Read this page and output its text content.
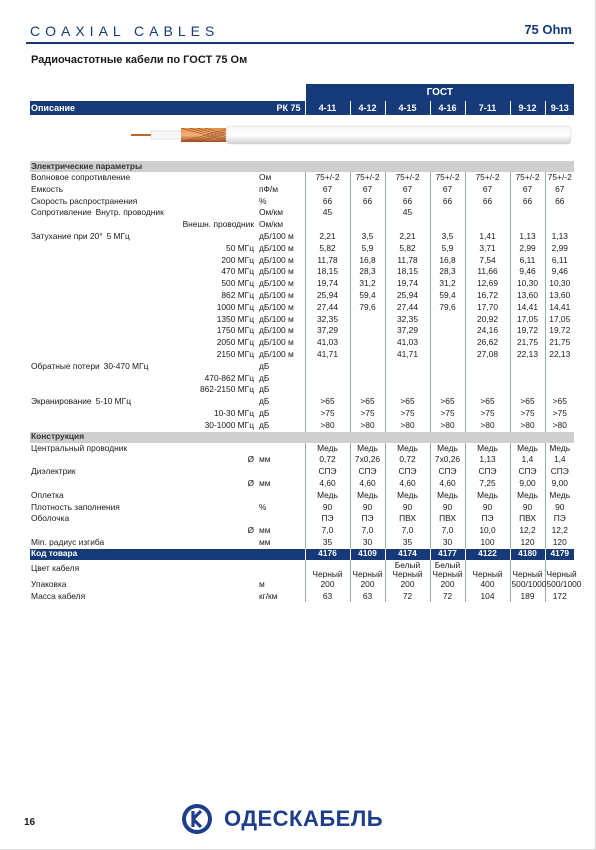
COAXIAL CABLES	75 Ohm
Радиочастотные кабели по ГОСТ 75 Ом
			ГОСТ						
Описание	РК 75		4-11	4-12	4-15	4-16	7-11	9-12	9-13

Электрические параметры									
Волновое сопротивление		Ом	75+/-2	75+/-2	75+/-2	75+/-2	75+/-2	75+/-2	75+/-2
Емкость		пФ/м	67	67	67	67	67	67	67
Скорость распространения		%	66	66	66	66	66	66	66
Сопротивление Внутр. проводник		Ом/км	45		45				
	Внешн. проводник	Ом/км							
Затухание при 20° 5 МГц		дБ/100 м	2,21	3,5	2,21	3,5	1,41	1,13	1,13
	50 МГц	дБ/100 м	5,82	5,9	5,82	5,9	3,71	2,99	2,99
	200 МГц	дБ/100 м	11,78	16,8	11,78	16,8	7,54	6,11	6,11
	470 МГц	дБ/100 м	18,15	28,3	18,15	28,3	11,66	9,46	9,46
	500 МГц	дБ/100 м	19,74	31,2	19,74	31,2	12,69	10,30	10,30
	862 МГц	дБ/100 м	25,94	59,4	25,94	59,4	16,72	13,60	13,60
	1000 МГц	дБ/100 м	27,44	79,6	27,44	79,6	17,70	14,41	14,41
	1350 МГц	дБ/100 м	32,35		32,35		20,92	17,05	17,05
	1750 МГц	дБ/100 м	37,29		37,29		24,16	19,72	19,72
	2050 МГц	дБ/100 м	41,03		41,03		26,62	21,75	21,75
	2150 МГц	дБ/100 м	41,71		41,71		27,08	22,13	22,13
Обратные потери 30-470 МГц		дБ							
	470-862 МГц	дБ							
	862-2150 МГц	дБ							
Экранирование 5-10 МГц		дБ	>65	>65	>65	>65	>65	>65	>65
	10-30 МГц	дБ	>75	>75	>75	>75	>75	>75	>75
	30-1000 МГц	дБ	>80	>80	>80	>80	>80	>80	>80
Конструкция									
Центральный проводник			Медь	Медь	Медь	Медь	Медь	Медь	Медь
	Ø	мм	0,72	7х0,26	0,72	7х0,26	1,13	1,4	1,4
Диэлектрик			СПЭ	СПЭ	СПЭ	СПЭ	СПЭ	СПЭ	СПЭ
	Ø	мм	4,60	4,60	4,60	4,60	7,25	9,00	9,00
Оплетка			Медь	Медь	Медь	Медь	Медь	Медь	Медь
Плотность заполнения		%	90	90	90	90	90	90	90
Оболочка			ПЭ	ПЭ	ПВХ	ПВХ	ПЭ	ПВХ	ПЭ
	Ø	мм	7,0	7,0	7,0	7,0	10,0	12,2	12,2
Min. радиус изгиба		мм	35	30	35	30	100	120	120
Код товара			4176	4109	4174	4177	4122	4180	4179
Цвет кабеля			Черный	Черный	Белый Черный	Белый Черный	Черный	Черный	Черный
Упаковка		м	200	200	200	200	400	500/1000	500/1000
Масса кабеля		кг/км	63	63	72	72	104	189	172
16	ОДЕСКАБЕЛЬ
